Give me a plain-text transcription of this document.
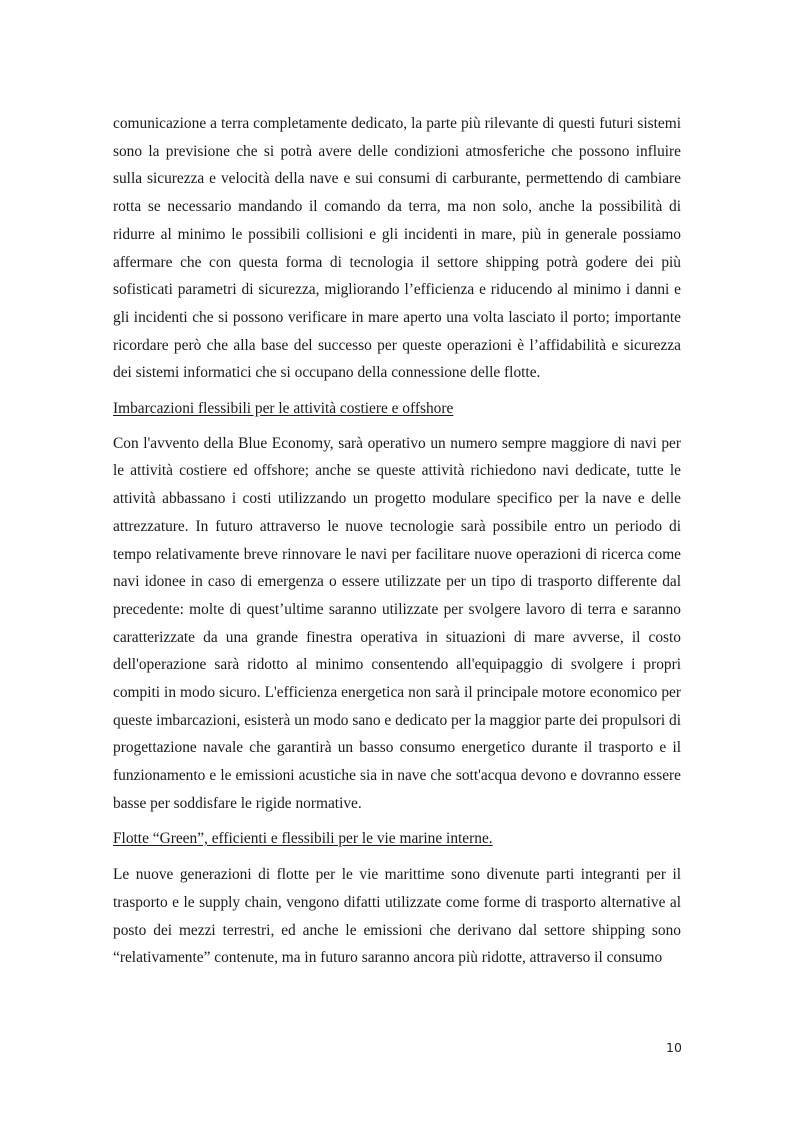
comunicazione a terra completamente dedicato, la parte più rilevante di questi futuri sistemi sono la previsione che si potrà avere delle condizioni atmosferiche che possono influire sulla sicurezza e velocità della nave e sui consumi di carburante, permettendo di cambiare rotta se necessario mandando il comando da terra, ma non solo, anche la possibilità di ridurre al minimo le possibili collisioni e gli incidenti in mare, più in generale possiamo affermare che con questa forma di tecnologia il settore shipping potrà godere dei più sofisticati parametri di sicurezza, migliorando l’efficienza e riducendo al minimo i danni e gli incidenti che si possono verificare in mare aperto una volta lasciato il porto; importante ricordare però che alla base del successo per queste operazioni è l’affidabilità e sicurezza dei sistemi informatici che si occupano della connessione delle flotte.

Imbarcazioni flessibili per le attività costiere e offshore

Con l'avvento della Blue Economy, sarà operativo un numero sempre maggiore di navi per le attività costiere ed offshore; anche se queste attività richiedono navi dedicate, tutte le attività abbassano i costi utilizzando un progetto modulare specifico per la nave e delle attrezzature. In futuro attraverso le nuove tecnologie sarà possibile entro un periodo di tempo relativamente breve rinnovare le navi per facilitare nuove operazioni di ricerca come navi idonee in caso di emergenza o essere utilizzate per un tipo di trasporto differente dal precedente: molte di quest’ultime saranno utilizzate per svolgere lavoro di terra e saranno caratterizzate da una grande finestra operativa in situazioni di mare avverse, il costo dell'operazione sarà ridotto al minimo consentendo all'equipaggio di svolgere i propri compiti in modo sicuro. L'efficienza energetica non sarà il principale motore economico per queste imbarcazioni, esisterà un modo sano e dedicato per la maggior parte dei propulsori di progettazione navale che garantirà un basso consumo energetico durante il trasporto e il funzionamento e le emissioni acustiche sia in nave che sott'acqua devono e dovranno essere basse per soddisfare le rigide normative.

Flotte “Green”, efficienti e flessibili per le vie marine interne.

Le nuove generazioni di flotte per le vie marittime sono divenute parti integranti per il trasporto e le supply chain, vengono difatti utilizzate come forme di trasporto alternative al posto dei mezzi terrestri, ed anche le emissioni che derivano dal settore shipping sono “relativamente” contenute, ma in futuro saranno ancora più ridotte, attraverso il consumo

10
